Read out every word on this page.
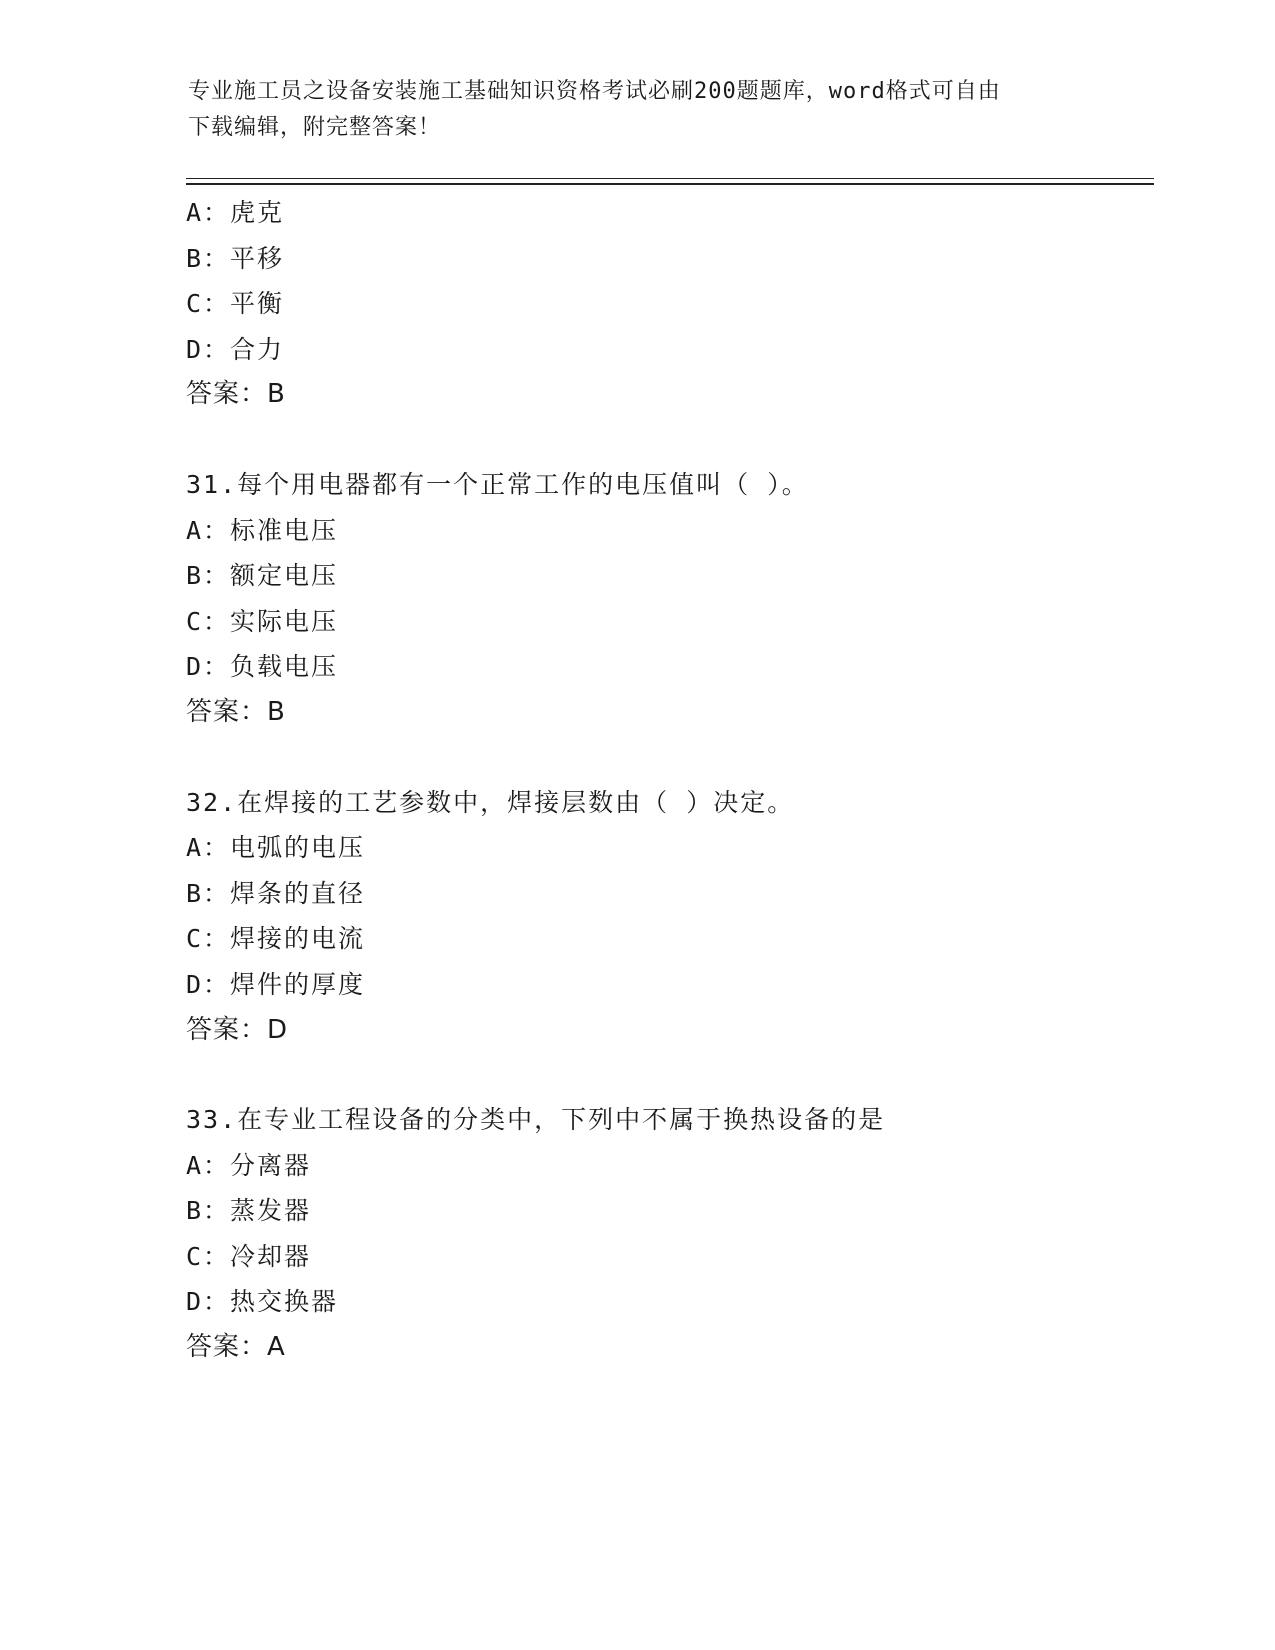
专业施工员之设备安装施工基础知识资格考试必刷200题题库，word格式可自由
下载编辑，附完整答案！
A：虎克
B：平移
C：平衡
D：合力
答案：B
31.每个用电器都有一个正常工作的电压值叫（ ）。
A：标准电压
B：额定电压
C：实际电压
D：负载电压
答案：B
32.在焊接的工艺参数中，焊接层数由（ ）决定。
A：电弧的电压
B：焊条的直径
C：焊接的电流
D：焊件的厚度
答案：D
33.在专业工程设备的分类中，下列中不属于换热设备的是
A：分离器
B：蒸发器
C：冷却器
D：热交换器
答案：A
